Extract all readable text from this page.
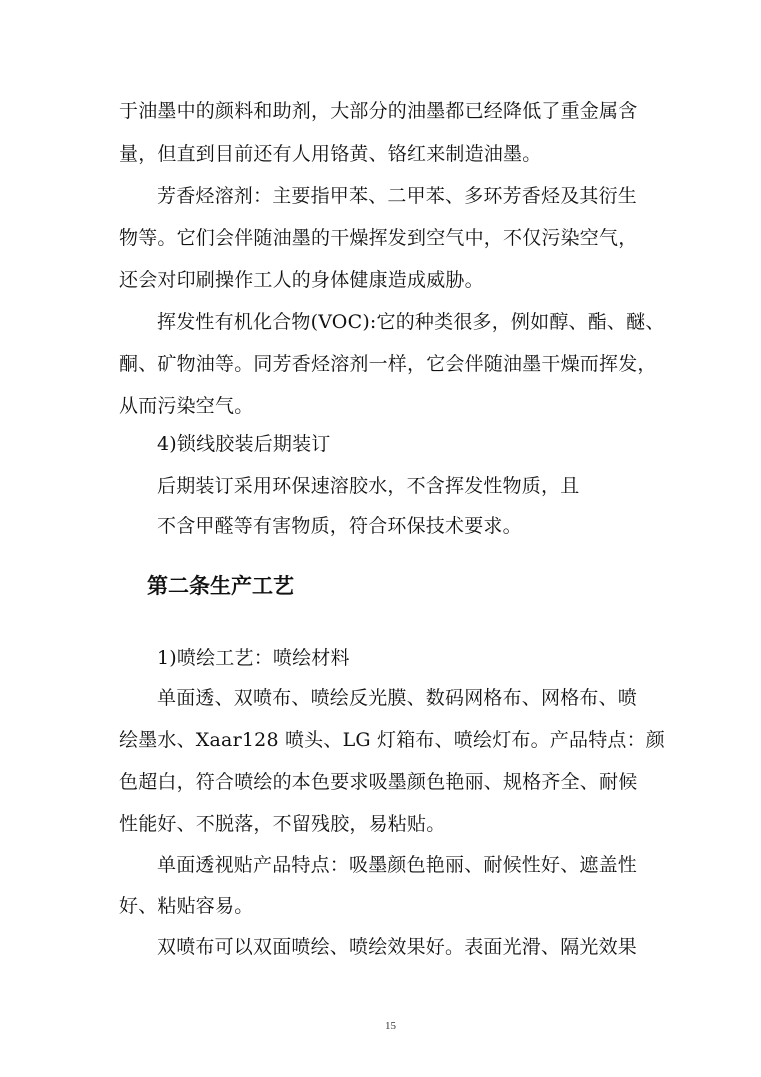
于油墨中的颜料和助剂，大部分的油墨都已经降低了重金属含
量，但直到目前还有人用铬黄、铬红来制造油墨。
芳香烃溶剂：主要指甲苯、二甲苯、多环芳香烃及其衍生
物等。它们会伴随油墨的干燥挥发到空气中，不仅污染空气，
还会对印刷操作工人的身体健康造成威胁。
挥发性有机化合物(VOC):它的种类很多，例如醇、酯、醚、
酮、矿物油等。同芳香烃溶剂一样，它会伴随油墨干燥而挥发，
从而污染空气。
4)锁线胶装后期装订
后期装订采用环保速溶胶水，不含挥发性物质，且
不含甲醛等有害物质，符合环保技术要求。
第二条生产工艺
1)喷绘工艺：喷绘材料
单面透、双喷布、喷绘反光膜、数码网格布、网格布、喷
绘墨水、Xaar128 喷头、LG 灯箱布、喷绘灯布。产品特点：颜
色超白，符合喷绘的本色要求吸墨颜色艳丽、规格齐全、耐候
性能好、不脱落，不留残胶，易粘贴。
单面透视贴产品特点：吸墨颜色艳丽、耐候性好、遮盖性
好、粘贴容易。
双喷布可以双面喷绘、喷绘效果好。表面光滑、隔光效果
15
